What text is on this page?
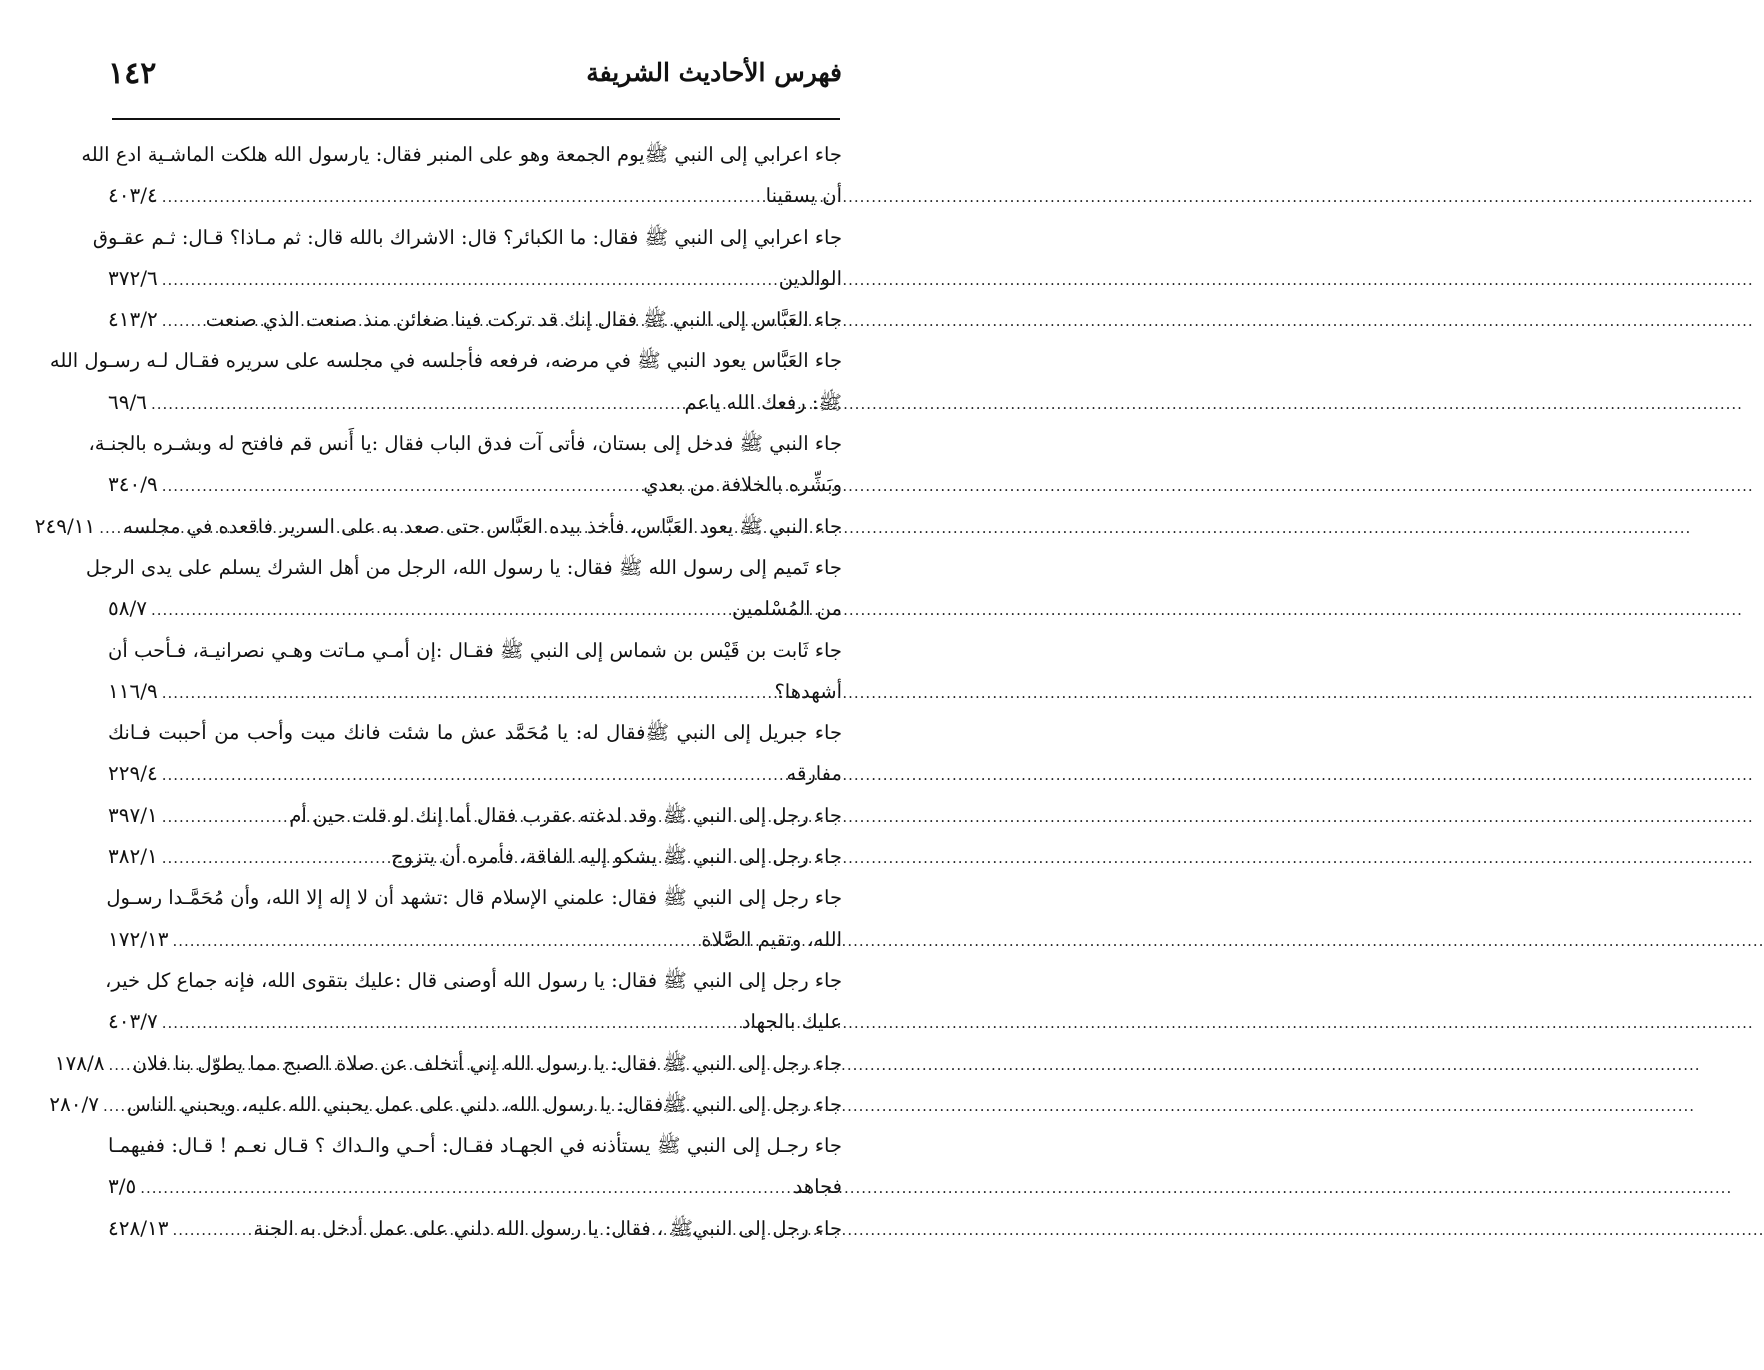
١٤٢	فهرس الأحاديث الشريفة
جاء اعرابي إلى النبي ﷺيوم الجمعة وهو على المنبر فقال: يارسول الله هلكت الماشـية ادع الله
أن يسقينا
.....
٤٠٣/٤
جاء اعرابي إلى النبي ﷺ فقال: ما الكبائر؟ قال: الاشراك بالله قال: ثم مـاذا؟ قـال: ثـم عقـوق
الوالدين
.....
٣٧٢/٦
جاء العَبَّاس إلى النبي ﷺ فقال إنك قد تركت فينا ضغائن منذ صنعت الذي صنعت
.....
٤١٣/٢
جاء العَبَّاس يعود النبي ﷺ في مرضه، فرفعه فأجلسه في مجلسه على سريره فقـال لـه رسـول الله
ﷺ: رفعك الله ياعم
.....
٦٩/٦
جاء النبي ﷺ فدخل إلى بستان، فأتى آت فدق الباب فقال :يا أَنس قم فافتح له وبشـره بالجنـة،
وبَشِّره بالخلافة من بعدي
.....
٣٤٠/٩
جاء النبي ﷺ يعود العَبَّاس، فأخذ بيده العَبَّاس حتى صعد به على السرير فاقعده في مجلسه
.....
٢٤٩/١١
جاء تَميم إلى رسول الله ﷺ فقال: يا رسول الله، الرجل من أهل الشرك يسلم على يدى الرجل
من المُسْلمين
.....
٥٨/٧
جاء ثَابت بن قَيْس بن شماس إلى النبي ﷺ فقـال :إن أمـي مـاتت وهـي نصرانيـة، فـأحب أن
أشهدها؟
.....
١١٦/٩
جاء جبريل إلى النبي ﷺفقال له: يا مُحَمَّد عش ما شئت فانك ميت وأحب من أحببت فـانك
مفارقه
.....
٢٢٩/٤
جاء رجل إلى النبي ﷺ وقد لدغته عقرب فقال أما إنك لو قلت حين أم
.....
٣٩٧/١
جاء رجل إلى النبي ﷺ يشكو إليه الفاقة، فأمره أن يتزوج
.....
٣٨٢/١
جاء رجل إلى النبي ﷺ فقال: علمني الإسلام قال :تشهد أن لا إله إلا الله، وأن مُحَمَّـدا رسـول
الله، وتقيم الصَّلاة
.....
١٧٢/١٣
جاء رجل إلى النبي ﷺ فقال: يا رسول الله أوصنى قال :عليك بتقوى الله، فإنه جماع كل خير،
عليك بالجهاد
.....
٤٠٣/٧
جاء رجل إلى النبي ﷺ فقال: يا رسول الله إني أتخلف عن صلاة الصبح مما يطوّل بنا فلان
.....
١٧٨/٨
جاء رجل إلى النبي ﷺفقال: يا رسول الله، دلني على عمل يحبني الله عليه، ويحبني الناس
.....
٢٨٠/٧
جاء رجـل إلى النبي ﷺ يستأذنه في الجهـاد فقـال: أحـي والـداك ؟ قـال نعـم ! قـال: ففيهمـا
فجاهد
.....
٣/٥
جاء رجل إلى النبيﷺ ، فقال: يا رسول الله دلني على عمل أدخل به الجنة
.....
٤٢٨/١٣
